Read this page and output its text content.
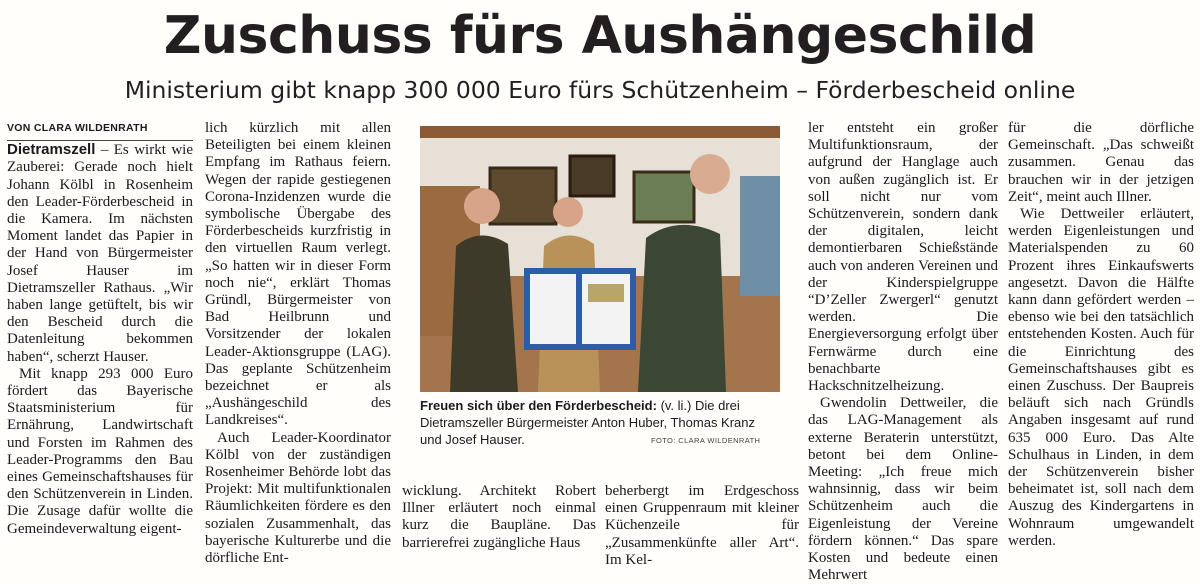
Zuschuss fürs Aushängeschild
Ministerium gibt knapp 300 000 Euro fürs Schützenheim – Förderbescheid online

VON CLARA WILDENRATH

Dietramszell – Es wirkt wie Zauberei: Gerade noch hielt Johann Kölbl in Rosenheim den Leader-Förderbescheid in die Kamera. Im nächsten Moment landet das Papier in der Hand von Bürgermeister Josef Hauser im Dietramszeller Rathaus. „Wir haben lange getüftelt, bis wir den Bescheid durch die Datenleitung bekommen haben“, scherzt Hauser.

Mit knapp 293 000 Euro fördert das Bayerische Staatsministerium für Ernährung, Landwirtschaft und Forsten im Rahmen des Leader-Programms den Bau eines Gemeinschaftshauses für den Schützenverein in Linden. Die Zusage dafür wollte die Gemeindeverwaltung eigent-

lich kürzlich mit allen Beteiligten bei einem kleinen Empfang im Rathaus feiern. Wegen der rapide gestiegenen Corona-Inzidenzen wurde die symbolische Übergabe des Förderbescheids kurzfristig in den virtuellen Raum verlegt. „So hatten wir in dieser Form noch nie“, erklärt Thomas Gründl, Bürgermeister von Bad Heilbrunn und Vorsitzender der lokalen Leader-Aktionsgruppe (LAG). Das geplante Schützenheim bezeichnet er als „Aushängeschild des Landkreises“.

Auch Leader-Koordinator Kölbl von der zuständigen Rosenheimer Behörde lobt das Projekt: Mit multifunktionalen Räumlichkeiten fördere es den sozialen Zusammenhalt, das bayerische Kulturerbe und die dörfliche Ent-

Freuen sich über den Förderbescheid: (v. li.) Die drei Dietramszeller Bürgermeister Anton Huber, Thomas Kranz und Josef Hauser.	FOTO: CLARA WILDENRATH

wicklung. Architekt Robert Illner erläutert noch einmal kurz die Baupläne. Das barrierefrei zugängliche Haus

beherbergt im Erdgeschoss einen Gruppenraum mit kleiner Küchenzeile für „Zusammenkünfte aller Art“. Im Kel-

ler entsteht ein großer Multifunktionsraum, der aufgrund der Hanglage auch von außen zugänglich ist. Er soll nicht nur vom Schützenverein, sondern dank der digitalen, leicht demontierbaren Schießstände auch von anderen Vereinen und der Kinderspielgruppe “D’Zeller Zwergerl“ genutzt werden. Die Energieversorgung erfolgt über Fernwärme durch eine benachbarte Hackschnitzelheizung.

Gwendolin Dettweiler, die das LAG-Management als externe Beraterin unterstützt, betont bei dem Online-Meeting: „Ich freue mich wahnsinnig, dass wir beim Schützenheim auch die Eigenleistung der Vereine fördern können.“ Das spare Kosten und bedeute einen Mehrwert

für die dörfliche Gemeinschaft. „Das schweißt zusammen. Genau das brauchen wir in der jetzigen Zeit“, meint auch Illner.

Wie Dettweiler erläutert, werden Eigenleistungen und Materialspenden zu 60 Prozent ihres Einkaufswerts angesetzt. Davon die Hälfte kann dann gefördert werden – ebenso wie bei den tatsächlich entstehenden Kosten. Auch für die Einrichtung des Gemeinschaftshauses gibt es einen Zuschuss. Der Baupreis beläuft sich nach Gründls Angaben insgesamt auf rund 635 000 Euro. Das Alte Schulhaus in Linden, in dem der Schützenverein bisher beheimatet ist, soll nach dem Auszug des Kindergartens in Wohnraum umgewandelt werden.
